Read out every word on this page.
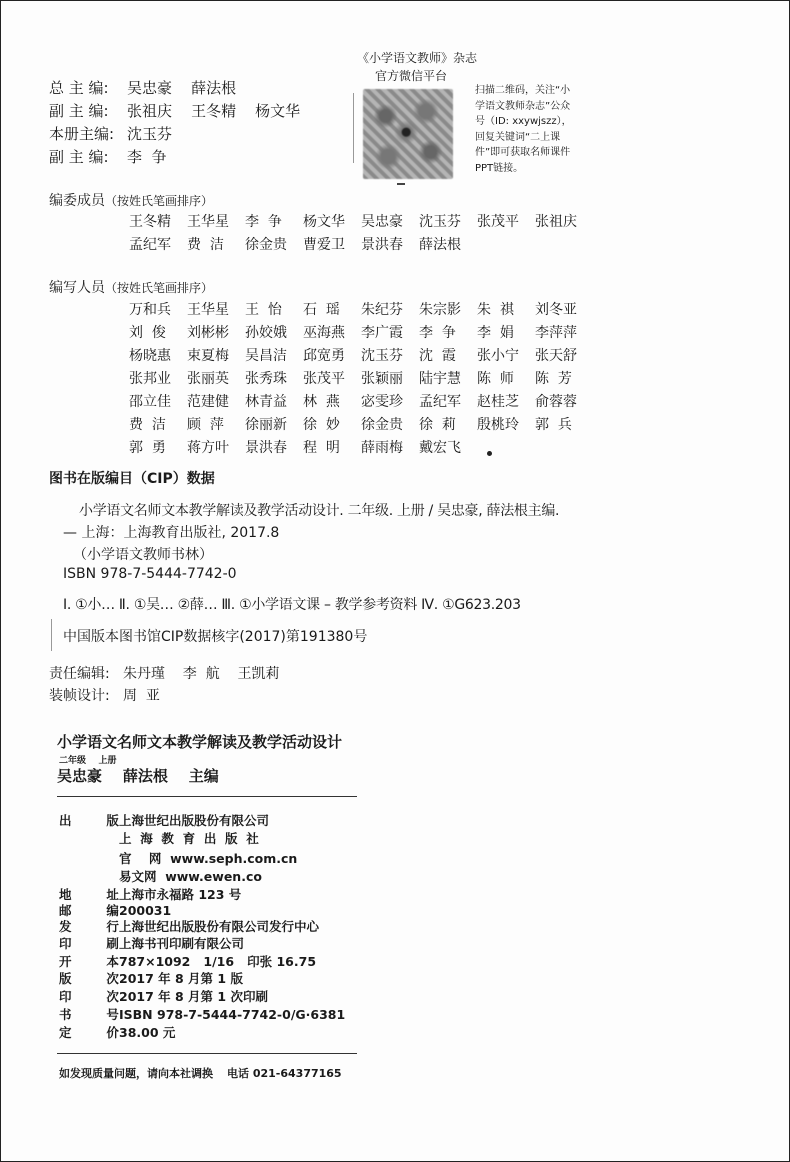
《小学语文教师》杂志
官方微信平台
扫描二维码，关注“小
学语文教师杂志”公众
号（ID: xxywjszz），
回复关键词“二上课
件”即可获取名师课件
PPT链接。
总 主 编: 吴忠豪    薛法根
副 主 编: 张祖庆    王冬精    杨文华
本册主编: 沈玉芬
副 主 编: 李  争
编委成员（按姓氏笔画排序）
王冬精 王华星 李  争 杨文华 吴忠豪 沈玉芬 张茂平 张祖庆
孟纪军 费  洁 徐金贵 曹爱卫 景洪春 薛法根
编写人员（按姓氏笔画排序）
万和兵 王华星 王  怡 石  瑶 朱纪芬 朱宗影 朱  祺 刘冬亚
刘  俊 刘彬彬 孙姣娥 巫海燕 李广霞 李  争 李  娟 李萍萍
杨晓惠 束夏梅 吴昌洁 邱宽勇 沈玉芬 沈  霞 张小宁 张天舒
张邦业 张丽英 张秀珠 张茂平 张颖丽 陆宇慧 陈  师 陈  芳
邵立佳 范建健 林青益 林  燕 宓雯珍 孟纪军 赵桂芝 俞蓉蓉
费  洁 顾  萍 徐丽新 徐  妙 徐金贵 徐  莉 殷桃玲 郭  兵
郭  勇 蒋方叶 景洪春 程  明 薛雨梅 戴宏飞
图书在版编目（CIP）数据
小学语文名师文本教学解读及教学活动设计. 二年级. 上册 / 吴忠豪, 薛法根主编.
— 上海：上海教育出版社, 2017.8
（小学语文教师书林）
ISBN 978-7-5444-7742-0
Ⅰ. ①小… Ⅱ. ①吴… ②薛… Ⅲ. ①小学语文课 – 教学参考资料 Ⅳ. ①G623.203
中国版本图书馆CIP数据核字(2017)第191380号
责任编辑: 朱丹瑾    李  航    王凯莉
装帧设计: 周  亚
小学语文名师文本教学解读及教学活动设计
二年级    上册
吴忠豪    薛法根    主编
出        版上海世纪出版股份有限公司
上  海  教  育  出  版  社
官    网  www.seph.com.cn
易文网  www.ewen.co
地        址上海市永福路 123 号
邮        编200031
发        行上海世纪出版股份有限公司发行中心
印        刷上海书刊印刷有限公司
开        本787×1092   1/16   印张 16.75
版        次2017 年 8 月第 1 版
印        次2017 年 8 月第 1 次印刷
书        号ISBN 978-7-5444-7742-0/G·6381
定        价38.00 元
如发现质量问题，请向本社调换 电话 021-64377165
